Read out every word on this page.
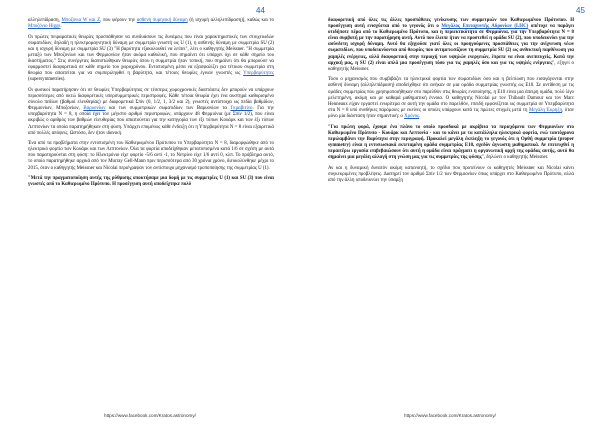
44

αλληλεπίδραση, Μποζόνια W και Z, που φέρουν την ασθενή πυρηνική δύναμη (ή ισχυρή αλληλεπίδραση)], καθώς και το Μποζόνιο Higgs.

Οι πρώτες πειραματικές θεωρίες προσπάθησαν να συνδυάσουν τις δυνάμεις που είναι χαρακτηριστικές των στοιχειωδών σωματιδίων, δηλαδή η ηλεκτρομαγνητική δύναμη με συμμετρία γνωστή ως U (1), η ασθενής δύναμη με συμμετρία SU (2) και η ισχυρή δύναμη με συμμετρία SU (3) "Η βαρύτητα εξακολουθεί να λείπει", λέει ο καθηγητής Meissner. "Η συμμετρία μεταξύ των Μποζονίων και των Φερμιονίων ήταν ακόμα καθολική, που σημαίνει ότι υπάρχει όχι σε κάθε σημείο του διαστήματος." Στις συνέργειες διαπιστώθηκαν θεωρίες όπου η συμμετρία ήταν τοπική, που σημαίνει ότι θα μπορούσε να εφαρμοστεί διαφορετικά σε κάθε σημείο του χωροχρόνου. Εντοπισμένη μέσα να εξασφαλίζει για τέτοιου συμμετρία στη θεωρία που απαιτείται για να συμπεριληφθεί η βαρύτητα, και τέτοιες θεωρίες έγιναν γνωστές ως Υπερβαρύτητες (supersymmetries).

Οι φυσικοί παρατήρησαν ότι σε θεωρίες Υπερβαρύτητας σε τέσσερις χωροχρονικές διαστάσεις δεν μπορούν να υπάρχουν περισσότερες από οκτώ διαφορετικές υπερσυμμετρικές περιστροφές. Κάθε τέτοια θεωρία έχει ένα αυστηρά καθορισμένο σύνολο πεδίων (βαθμοί ελευθερίας) με διαφορετικά Σπίν (0, 1/2, 1, 3/2 και 2), γνωστές αντίστοιχα ως πεδία βαθμίδων, Φερμιονίων, Μποζονίων, Βαρυονίων και των συμμετρικών σωματιδίων των Βαρυονίων τα Γκραβιτίνο. Για την υπερβαρύτητα N = 8, η οποία έχει τον μέγιστο αριθμό περιστροφών, υπάρχουν 48 Φερμιόνια (με Σπίν 1/2), που είναι ακριβώς ο αριθμός των βαθμών ελευθερίας που απαιτούνται για την κατηγορία των έξι τύπων Κουάρκ και των έξι τύπων Λεπτονίων τα οποία παρατηρήθηκαν στη φύση. Υπάρχει επομένως κάθε ένδειξη ότι η Υπερβαρύτητα N = 8 είναι εξαιρετικά από πολλές απόψεις. Ωστόσο, δεν ήταν ιδανική.

Ένα από τα προβλήματα στην εντοπισμένη του Καθιερωμένου Πρότυπου το Υπερβαρύτητα N = 8, διαμορφώθηκε από το ηλεκτρικό φορτίο των Κουάρκ και των Λεπτονίων. Όλα τα φορτία αποδείχθηκαν μετατοπισμένα κατά 1/6 σε σχέση με αυτά που παρατηρούνται στη φύση: το Ηλεκτρόνιο είχε φορτίο -5/6 αντί -1, το Νετρίνο είχε 1/6 αντί 0, κλπ. Το πρόβλημα αυτό, το οποίο παρατηρήθηκε αρχικά από τον Murray Gell-Mann πριν περισσότερα από 30 χρόνια χρόνο, διευκολύνθηκε μέχρι το 2015, όταν ο καθηγητής Meissner και Nicolai περιέγραψαν τον αντίστοιχο μηχανισμό τροποποίησης της συμμετρίας U (1).

"Μετά την πραγματοποίηση αυτής της ρύθμισης αποκτήσαμε μια δομή με τις συμμετρίες U (1) και SU (3) που είναι γνωστές από το Καθιερωμένο Πρότυπο. Η προσέγγιση αυτή αποδείχτηκε πολύ

https://www.facebook.com/Kratos.astronomy/
45

διαφορετική από όλες τις άλλες προσπάθειες γενίκευσης των συμμετριών του Καθιερωμένου Πρότυπου. Η προσέγγιση αυτή ενισχύεται από το γεγονός ότι ο Μεγάλος Επιταχυντής Αδρονίων (LHC) απέτυχε να παράγει οτιδήποτε πέρα από το Καθιερωμένο Πρότυπο, και η περιεκτικότητα σε Φερμιόνια, για την Υπερβαρύτητα N = 8 είναι συμβατή με την παρατήρηση αυτή. Αυτό που έλειπε ήταν να προστεθεί η ομάδα SU (2), που υποδεικνύει για την ασύνδετη ισχυρή δύναμη. Αυτό θα εξηγούσε γιατί όλες οι προηγούμενες προσπάθειες για την ανίχνευση νέων σωματιδίων, που υποδεικνύονται από θεωρίες που αντιμετωπίζουν τη συμμετρία SU (2) ως ανθεκτική παρθένωση για χαμηλές ενέργειες, αλλά διαφορετική στην περιοχή των υψηλών ενεργειών, έπρεπε να είναι ανεπιτυχείς. Κατά την αρχική μας, η SU (2) είναι απλά μια προσέγγιση τόσο για τις χαμηλές όσο και για τις υψηλές ενέργειες", εξηγεί ο καθηγητής Meissner.

Τόσο ο μηχανισμός που συμβιβάζει τα ηλεκτρικά φορτία των σωματιδίων όσο και η βελτίωση που εισαγάγονται στην ασθενή δύναμη (αλληλεπίδραση) αποδείχθηκε ότι ανήκαν σε μια ομάδα συμμετρίας γνωστής ως E10. Σε αντίθεση με τις ομάδες συμμετρίας που χρησιμοποιήθηκαν στο παρελθόν στις θεωρίες ενοποίησης, η E10 είναι μια άπειρη ομάδα, πολύ λίγο μελετημένη, ακόμη και με καθαρά μαθηματική έννοια. Ο καθηγητής Nicolai με τον Thibault Damour και τον Marc Henneaux είχαν εργαστεί ενωρίτερα σε αυτή την ομάδα στο παρελθόν, επειδή εμφανίζεται ως συμμετρία σε Υπερβαρύτητα στα N = 8 υπό συνθήκες παρόμοιες με εκείνες οι οποίες υπάρχουν κατά τις πρώτες στιγμές μετά τη Μεγάλη Έκρηξη, όταν μόνο μία διάσταση ήταν σημαντική: ο Χρόνος.

"Για πρώτη φορά, έχουμε ένα πλάνο το οποίο προσδοκά με ακρίβεια τα περιεχόμενα των Φερμιονίων στο Καθιερωμένο Πρότυπο - Κουάρκ και Λεπτονία - και το κάνει με τα κατάλληλα ηλεκτρικά φορτία, ενώ ταυτόχρονα περιλαμβάνει την Βαρύτητα στην περιγραφή. Προκαλεί μεγάλη έκπληξη το γεγονός ότι η Ορθή συμμετρία (proper symmetry) είναι η εντυπωσιακά εκτεταμένη ομάδα συμμετρίας E10, σχεδόν άγνωστη μαθηματικά. Αν επιτευχθεί η περαιτέρω εργασία επιβεβαιώσουν ότι αυτή η ομάδα είναι πράγματι η οργανωτική αρχή της ομάδας αυτής, αυτό θα σημαίνει μια μεγάλη αλλαγή στη γνώση μας για τις συμμετρίες της φύσης", δηλώνει ο καθηγητής Meissner.

Αν και η δυναμική δυνατόν ακόμη κατανοητή, το σχέδιο που προτείνουν οι καθηγητές Meissner και Nicolai κάνει συγκεκριμένες προβλέψεις. Διατηρεί τον αριθμό Σπίν 1/2 των Φερμιονίων όπως υπάρχει στο Καθιερωμένο Πρότυπο, αλλά από την άλλη υποδεικνύει την ύπαρξη

https://www.facebook.com/Kratos.astronomy/
